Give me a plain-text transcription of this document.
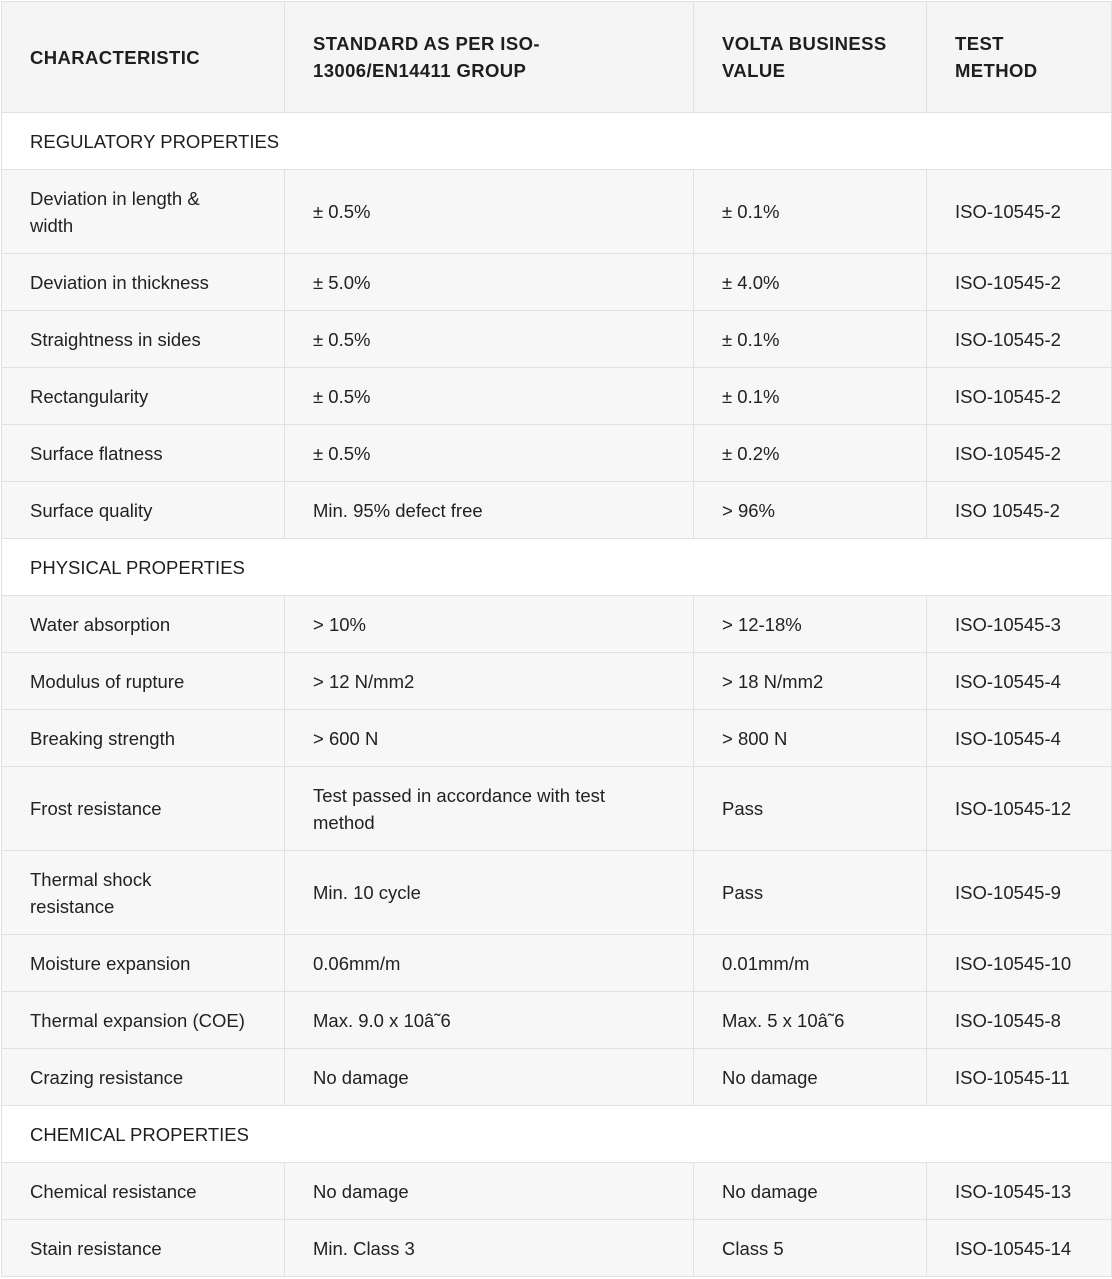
CHARACTERISTIC	STANDARD AS PER ISO-13006/EN14411 GROUP	VOLTA BUSINESS VALUE	TEST METHOD
REGULATORY PROPERTIES			
Deviation in length & width	± 0.5%	± 0.1%	ISO-10545-2
Deviation in thickness	± 5.0%	± 4.0%	ISO-10545-2
Straightness in sides	± 0.5%	± 0.1%	ISO-10545-2
Rectangularity	± 0.5%	± 0.1%	ISO-10545-2
Surface flatness	± 0.5%	± 0.2%	ISO-10545-2
Surface quality	Min. 95% defect free	> 96%	ISO 10545-2
PHYSICAL PROPERTIES			
Water absorption	> 10%	> 12-18%	ISO-10545-3
Modulus of rupture	> 12 N/mm2	> 18 N/mm2	ISO-10545-4
Breaking strength	> 600 N	> 800 N	ISO-10545-4
Frost resistance	Test passed in accordance with test method	Pass	ISO-10545-12
Thermal shock resistance	Min. 10 cycle	Pass	ISO-10545-9
Moisture expansion	0.06mm/m	0.01mm/m	ISO-10545-10
Thermal expansion (COE)	Max. 9.0 x 10â˜6	Max. 5 x 10â˜6	ISO-10545-8
Crazing resistance	No damage	No damage	ISO-10545-11
CHEMICAL PROPERTIES			
Chemical resistance	No damage	No damage	ISO-10545-13
Stain resistance	Min. Class 3	Class 5	ISO-10545-14
